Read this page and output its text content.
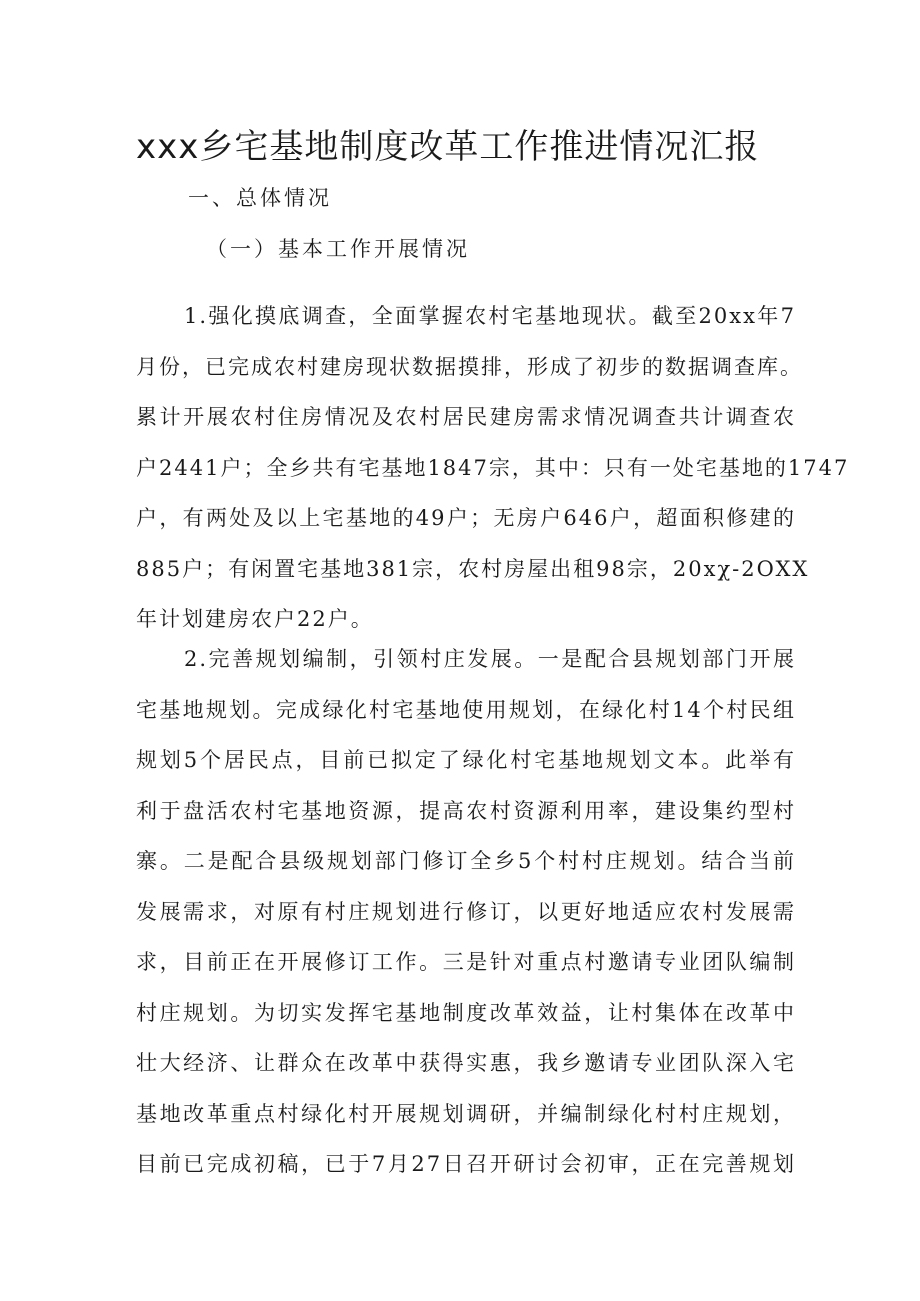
xxx乡宅基地制度改革工作推进情况汇报
一、总体情况
（一）基本工作开展情况
1.强化摸底调查，全面掌握农村宅基地现状。截至20xx年7
月份，已完成农村建房现状数据摸排，形成了初步的数据调查库。
累计开展农村住房情况及农村居民建房需求情况调查共计调查农
户2441户；全乡共有宅基地1847宗，其中：只有一处宅基地的1747
户，有两处及以上宅基地的49户；无房户646户，超面积修建的
885户；有闲置宅基地381宗，农村房屋出租98宗，20xχ-2OXX
年计划建房农户22户。
2.完善规划编制，引领村庄发展。一是配合县规划部门开展
宅基地规划。完成绿化村宅基地使用规划，在绿化村14个村民组
规划5个居民点，目前已拟定了绿化村宅基地规划文本。此举有
利于盘活农村宅基地资源，提高农村资源利用率，建设集约型村
寨。二是配合县级规划部门修订全乡5个村村庄规划。结合当前
发展需求，对原有村庄规划进行修订，以更好地适应农村发展需
求，目前正在开展修订工作。三是针对重点村邀请专业团队编制
村庄规划。为切实发挥宅基地制度改革效益，让村集体在改革中
壮大经济、让群众在改革中获得实惠，我乡邀请专业团队深入宅
基地改革重点村绿化村开展规划调研，并编制绿化村村庄规划，
目前已完成初稿，已于7月27日召开研讨会初审，正在完善规划
